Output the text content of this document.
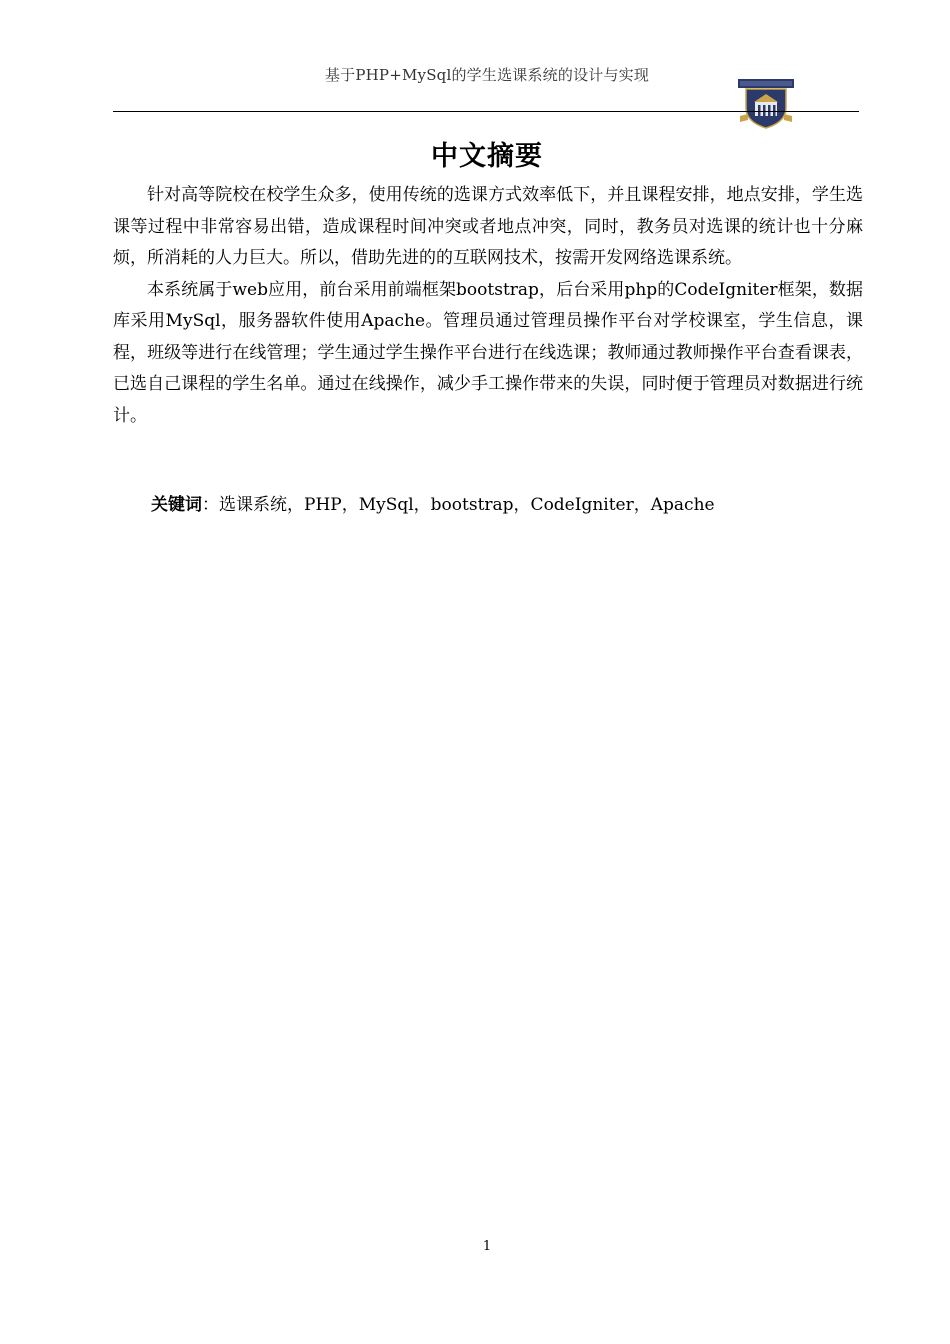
基于PHP+MySql的学生选课系统的设计与实现
中文摘要

针对高等院校在校学生众多，使用传统的选课方式效率低下，并且课程安排，地点安排，学生选课等过程中非常容易出错，造成课程时间冲突或者地点冲突，同时，教务员对选课的统计也十分麻烦，所消耗的人力巨大。所以，借助先进的的互联网技术，按需开发网络选课系统。

本系统属于web应用，前台采用前端框架bootstrap，后台采用php的CodeIgniter框架，数据库采用MySql，服务器软件使用Apache。管理员通过管理员操作平台对学校课室，学生信息，课程，班级等进行在线管理；学生通过学生操作平台进行在线选课；教师通过教师操作平台查看课表，已选自己课程的学生名单。通过在线操作，减少手工操作带来的失误，同时便于管理员对数据进行统计。

关键词：选课系统，PHP，MySql，bootstrap，CodeIgniter，Apache
1
